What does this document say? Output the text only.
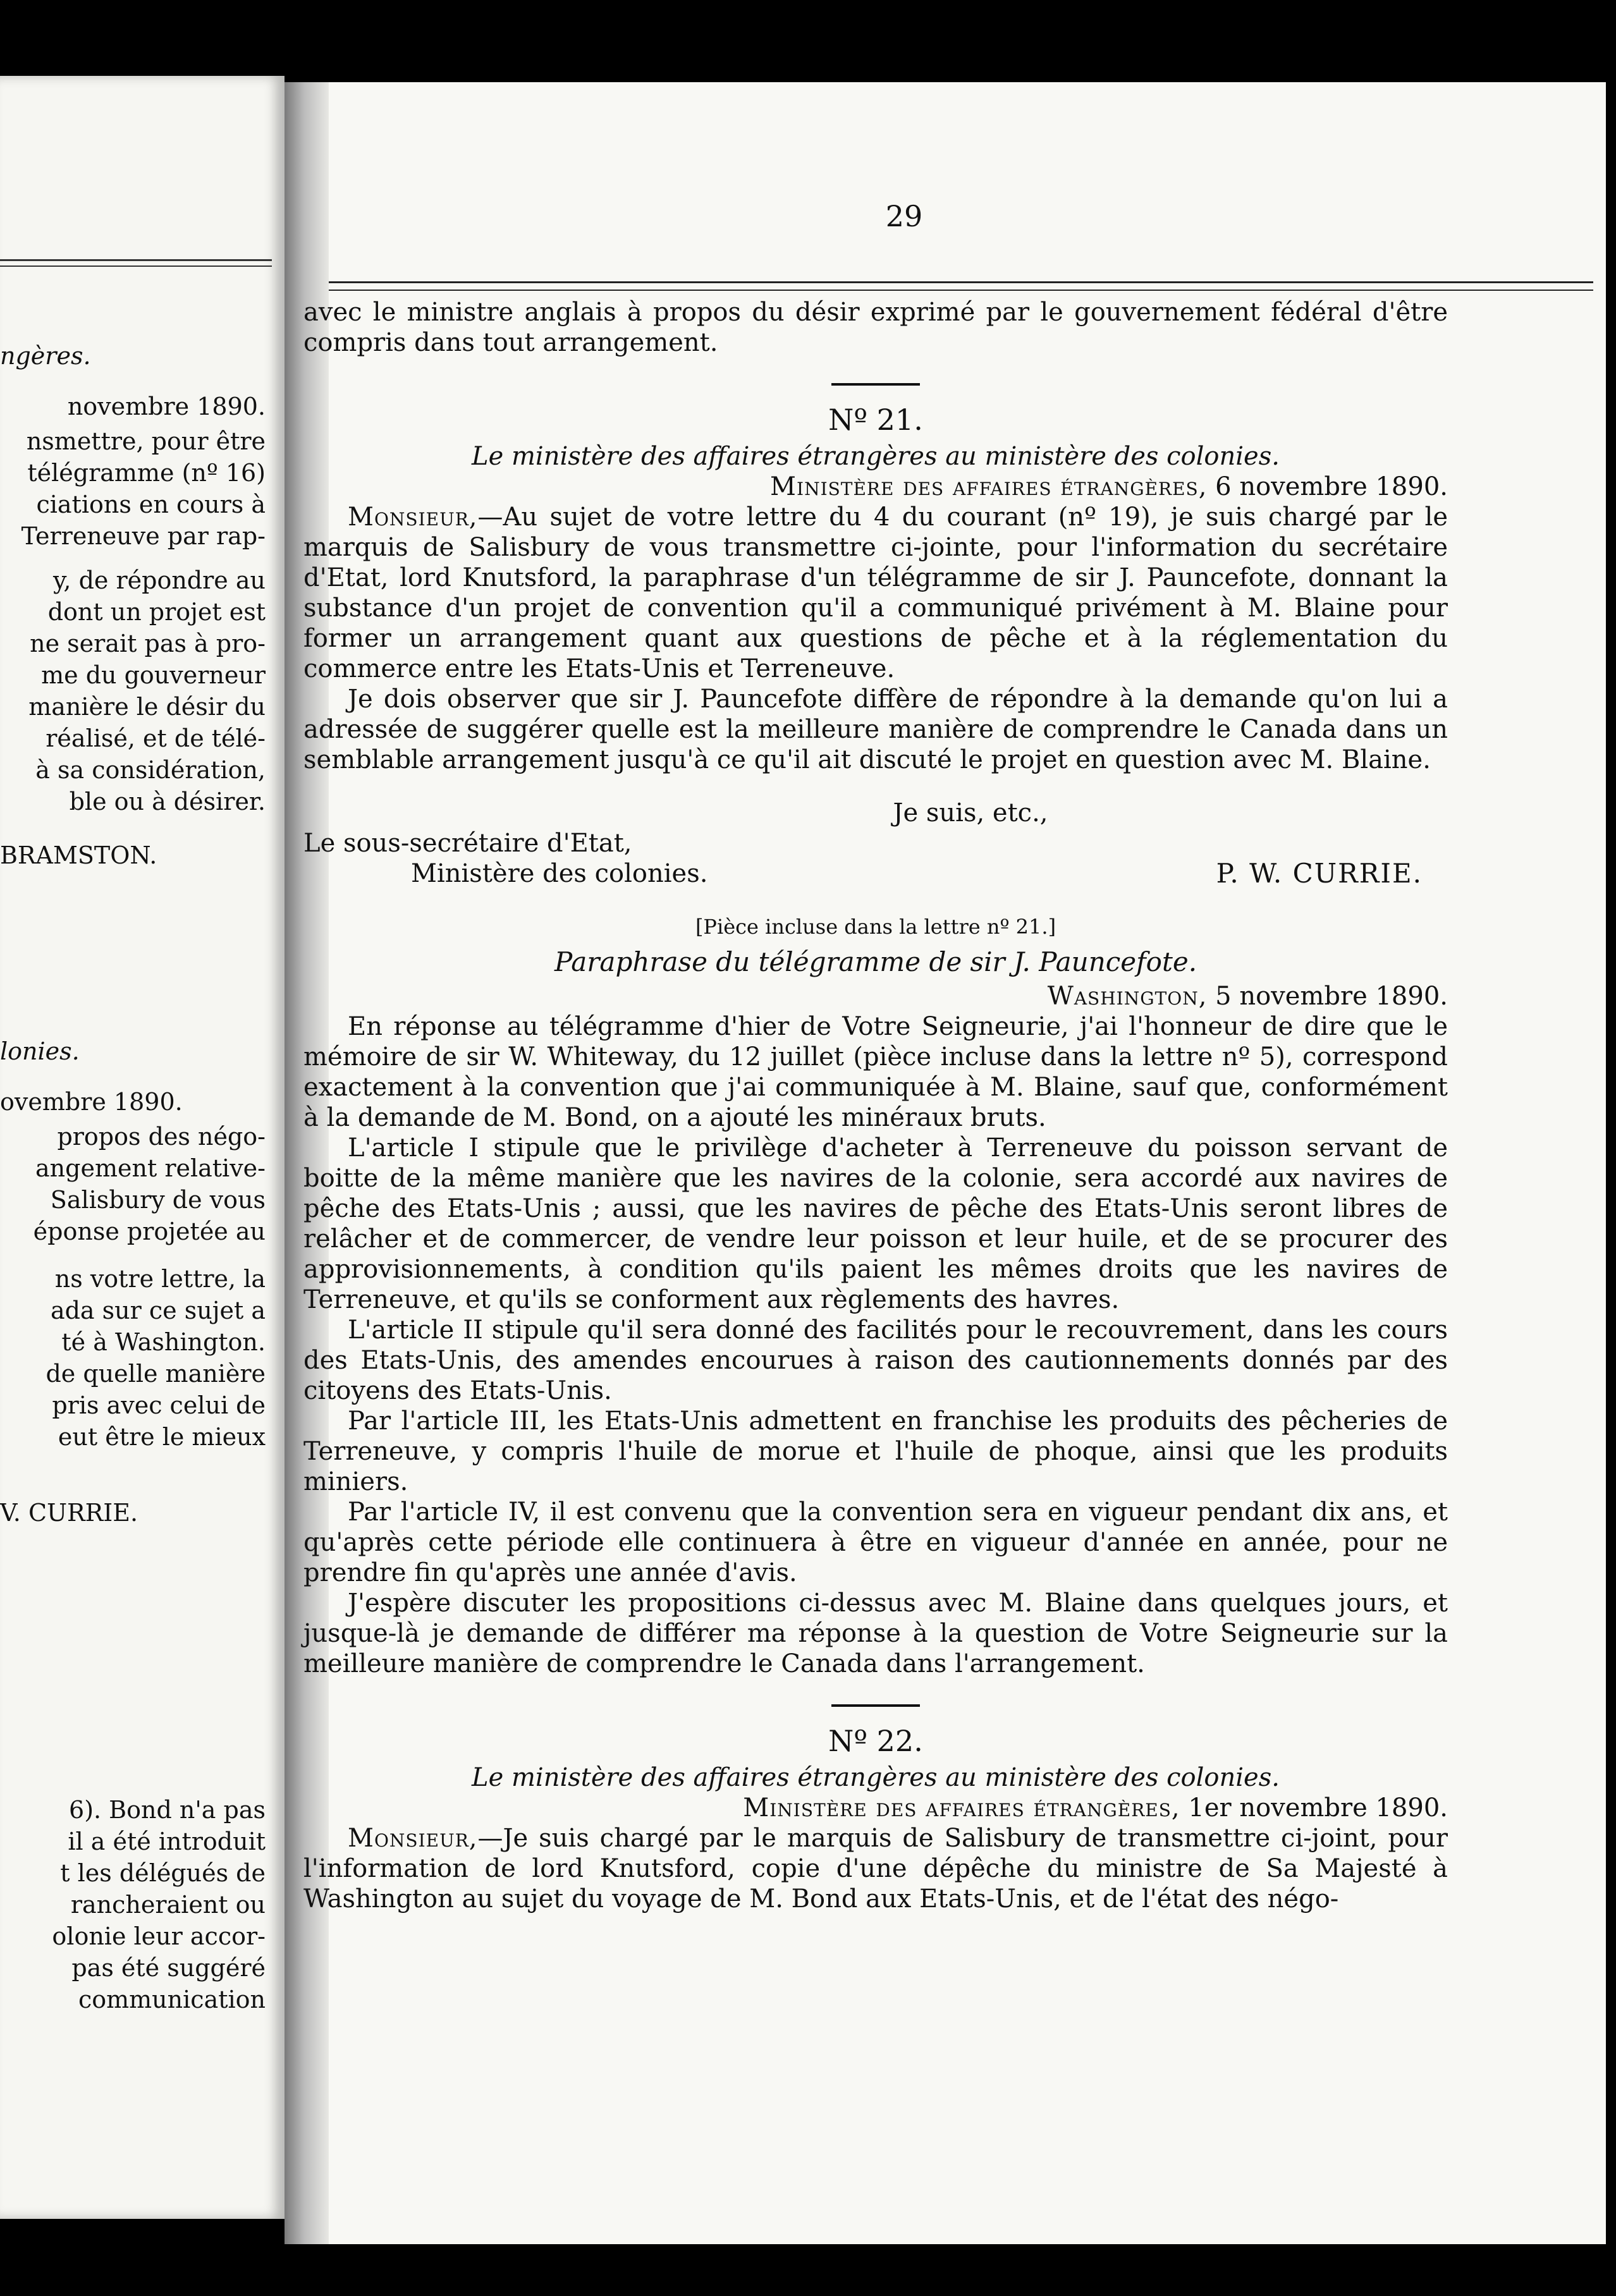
ngères.
novembre 1890.
nsmettre, pour être
télégramme (nº 16)
ciations en cours à
Terreneuve par rap-
y, de répondre au
dont un projet est
ne serait pas à pro-
me du gouverneur
manière le désir du
réalisé, et de télé-
à sa considération,
ble ou à désirer.
BRAMSTON.
lonies.
ovembre 1890.
propos des négo-
angement relative-
Salisbury de vous
éponse projetée au
ns votre lettre, la
ada sur ce sujet a
té à Washington.
de quelle manière
pris avec celui de
eut être le mieux
V. CURRIE.
6). Bond n'a pas
il a été introduit
t les délégués de
rancheraient ou
olonie leur accor-
pas été suggéré
communication
29

avec le ministre anglais à propos du désir exprimé par le gouvernement fédéral d'être compris dans tout arrangement.

Nº 21.

Le ministère des affaires étrangères au ministère des colonies.

Ministère des affaires étrangères, 6 novembre 1890.

Monsieur,—Au sujet de votre lettre du 4 du courant (nº 19), je suis chargé par le marquis de Salisbury de vous transmettre ci-jointe, pour l'information du secrétaire d'Etat, lord Knutsford, la paraphrase d'un télégramme de sir J. Pauncefote, donnant la substance d'un projet de convention qu'il a communiqué privément à M. Blaine pour former un arrangement quant aux questions de pêche et à la réglementation du commerce entre les Etats-Unis et Terreneuve.

Je dois observer que sir J. Pauncefote diffère de répondre à la demande qu'on lui a adressée de suggérer quelle est la meilleure manière de comprendre le Canada dans un semblable arrangement jusqu'à ce qu'il ait discuté le projet en question avec M. Blaine.

Je suis, etc.,

Le sous-secrétaire d'Etat,
Ministère des colonies.	P. W. CURRIE.

[Pièce incluse dans la lettre nº 21.]

Paraphrase du télégramme de sir J. Pauncefote.

Washington, 5 novembre 1890.

En réponse au télégramme d'hier de Votre Seigneurie, j'ai l'honneur de dire que le mémoire de sir W. Whiteway, du 12 juillet (pièce incluse dans la lettre nº 5), correspond exactement à la convention que j'ai communiquée à M. Blaine, sauf que, conformément à la demande de M. Bond, on a ajouté les minéraux bruts.

L'article I stipule que le privilège d'acheter à Terreneuve du poisson servant de boitte de la même manière que les navires de la colonie, sera accordé aux navires de pêche des Etats-Unis ; aussi, que les navires de pêche des Etats-Unis seront libres de relâcher et de commercer, de vendre leur poisson et leur huile, et de se procurer des approvisionnements, à condition qu'ils paient les mêmes droits que les navires de Terreneuve, et qu'ils se conforment aux règlements des havres.

L'article II stipule qu'il sera donné des facilités pour le recouvrement, dans les cours des Etats-Unis, des amendes encourues à raison des cautionnements donnés par des citoyens des Etats-Unis.

Par l'article III, les Etats-Unis admettent en franchise les produits des pêcheries de Terreneuve, y compris l'huile de morue et l'huile de phoque, ainsi que les produits miniers.

Par l'article IV, il est convenu que la convention sera en vigueur pendant dix ans, et qu'après cette période elle continuera à être en vigueur d'année en année, pour ne prendre fin qu'après une année d'avis.

J'espère discuter les propositions ci-dessus avec M. Blaine dans quelques jours, et jusque-là je demande de différer ma réponse à la question de Votre Seigneurie sur la meilleure manière de comprendre le Canada dans l'arrangement.

Nº 22.

Le ministère des affaires étrangères au ministère des colonies.

Ministère des affaires étrangères, 1er novembre 1890.

Monsieur,—Je suis chargé par le marquis de Salisbury de transmettre ci-joint, pour l'information de lord Knutsford, copie d'une dépêche du ministre de Sa Majesté à Washington au sujet du voyage de M. Bond aux Etats-Unis, et de l'état des négo-
